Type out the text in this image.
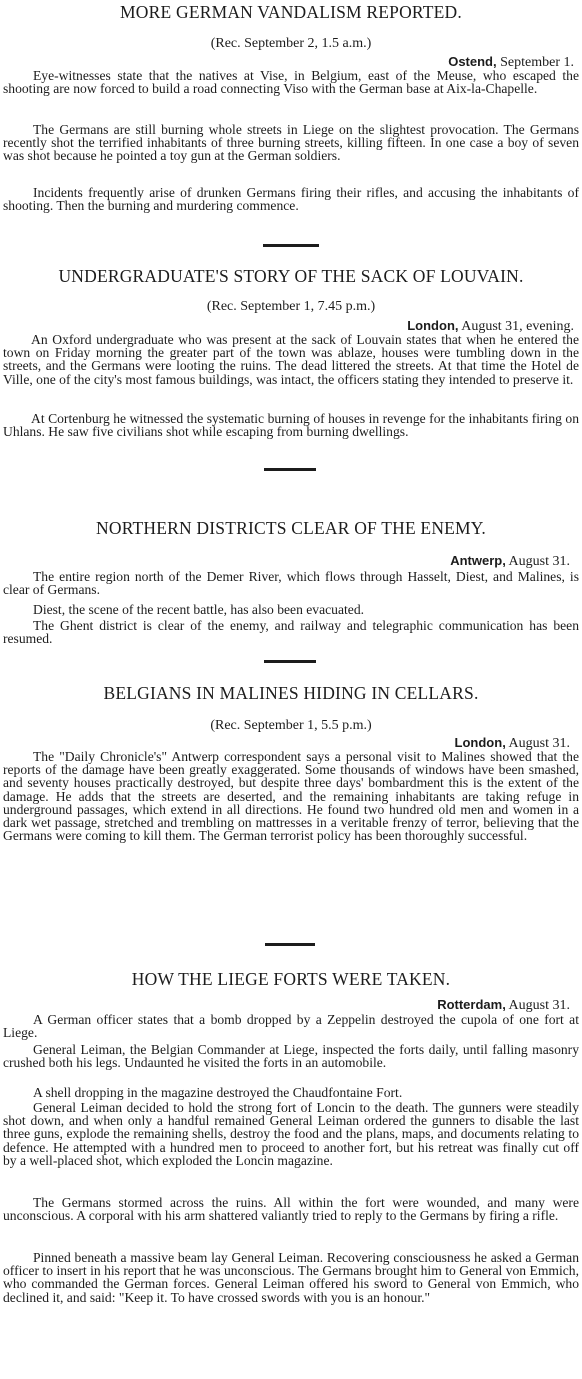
MORE GERMAN VANDALISM REPORTED.
(Rec. September 2, 1.5 a.m.)
Ostend, September 1.

Eye-witnesses state that the natives at Vise, in Belgium, east of the Meuse, who escaped the shooting are now forced to build a road connecting Viso with the German base at Aix-la-Chapelle.

The Germans are still burning whole streets in Liege on the slightest provocation. The Germans recently shot the terrified inhabitants of three burning streets, killing fifteen. In one case a boy of seven was shot because he pointed a toy gun at the German soldiers.

Incidents frequently arise of drunken Germans firing their rifles, and accusing the inhabitants of shooting. Then the burning and murdering commence.

UNDERGRADUATE'S STORY OF THE SACK OF LOUVAIN.
(Rec. September 1, 7.45 p.m.)
London, August 31, evening.

An Oxford undergraduate who was present at the sack of Louvain states that when he entered the town on Friday morning the greater part of the town was ablaze, houses were tumbling down in the streets, and the Germans were looting the ruins. The dead littered the streets. At that time the Hotel de Ville, one of the city's most famous buildings, was intact, the officers stating they intended to preserve it.

At Cortenburg he witnessed the systematic burning of houses in revenge for the inhabitants firing on Uhlans. He saw five civilians shot while escaping from burning dwellings.

NORTHERN DISTRICTS CLEAR OF THE ENEMY.
Antwerp, August 31.

The entire region north of the Demer River, which flows through Hasselt, Diest, and Malines, is clear of Germans.

Diest, the scene of the recent battle, has also been evacuated.

The Ghent district is clear of the enemy, and railway and telegraphic communication has been resumed.

BELGIANS IN MALINES HIDING IN CELLARS.
(Rec. September 1, 5.5 p.m.)
London, August 31.

The "Daily Chronicle's" Antwerp correspondent says a personal visit to Malines showed that the reports of the damage have been greatly exaggerated. Some thousands of windows have been smashed, and seventy houses practically destroyed, but despite three days' bombardment this is the extent of the damage. He adds that the streets are deserted, and the remaining inhabitants are taking refuge in underground passages, which extend in all directions. He found two hundred old men and women in a dark wet passage, stretched and trembling on mattresses in a veritable frenzy of terror, believing that the Germans were coming to kill them. The German terrorist policy has been thoroughly successful.

HOW THE LIEGE FORTS WERE TAKEN.
Rotterdam, August 31.

A German officer states that a bomb dropped by a Zeppelin destroyed the cupola of one fort at Liege.

General Leiman, the Belgian Commander at Liege, inspected the forts daily, until falling masonry crushed both his legs. Undaunted he visited the forts in an automobile.

A shell dropping in the magazine destroyed the Chaudfontaine Fort.

General Leiman decided to hold the strong fort of Loncin to the death. The gunners were steadily shot down, and when only a handful remained General Leiman ordered the gunners to disable the last three guns, explode the remaining shells, destroy the food and the plans, maps, and documents relating to defence. He attempted with a hundred men to proceed to another fort, but his retreat was finally cut off by a well-placed shot, which exploded the Loncin magazine.

The Germans stormed across the ruins. All within the fort were wounded, and many were unconscious. A corporal with his arm shattered valiantly tried to reply to the Germans by firing a rifle.

Pinned beneath a massive beam lay General Leiman. Recovering consciousness he asked a German officer to insert in his report that he was unconscious. The Germans brought him to General von Emmich, who commanded the German forces. General Leiman offered his sword to General von Emmich, who declined it, and said: "Keep it. To have crossed swords with you is an honour."
